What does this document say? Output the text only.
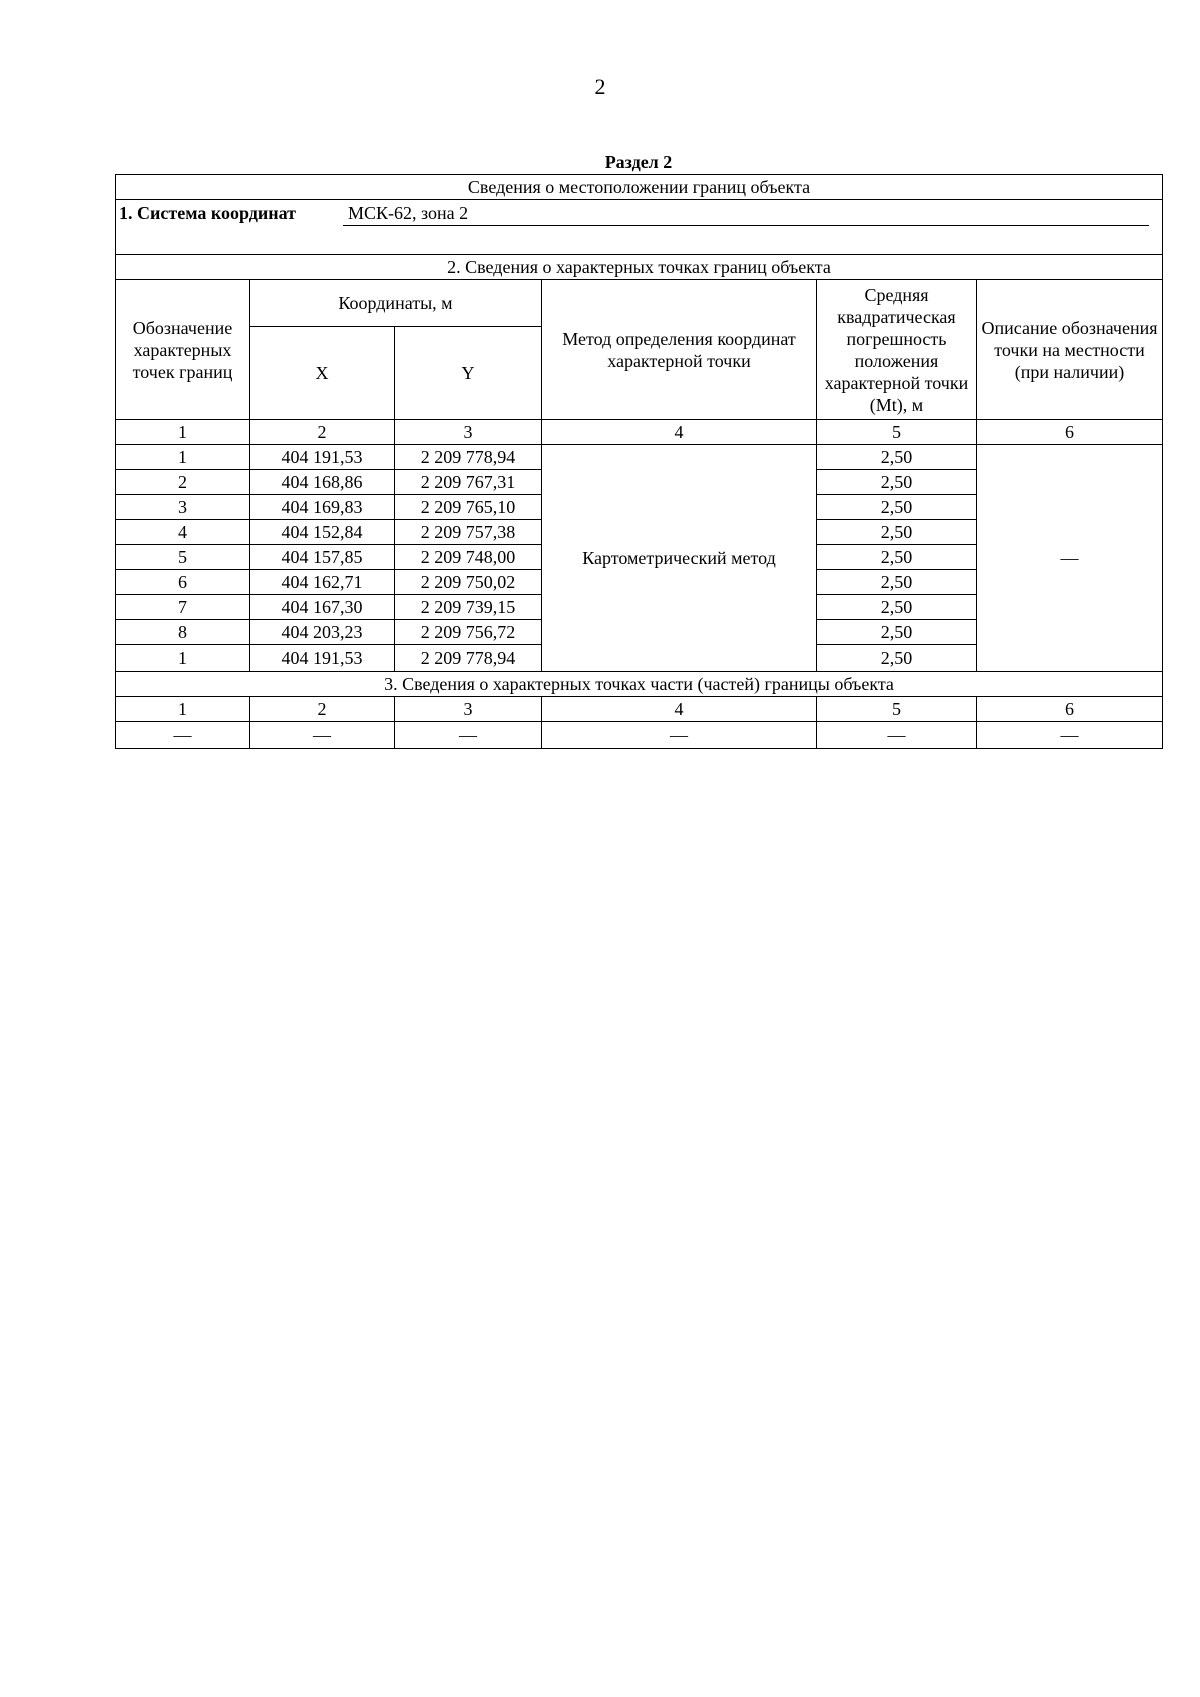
2
Раздел 2
Сведения о местоположении границ объекта					

1. Система координат МСК-62, зона 2					

2. Сведения о характерных точках границ объекта					
Обозначение характерных точек границ	Координаты, м		Метод определения координат характерной точки	Средняя квадратическая погрешность положения характерной точки (Mt), м	Описание обозначения точки на местности (при наличии)
	X	Y			
1	2	3	4	5	6
1	404 191,53	2 209 778,94	Картометрический метод	2,50	—
2	404 168,86	2 209 767,31		2,50	
3	404 169,83	2 209 765,10		2,50	
4	404 152,84	2 209 757,38		2,50	
5	404 157,85	2 209 748,00		2,50	
6	404 162,71	2 209 750,02		2,50	
7	404 167,30	2 209 739,15		2,50	
8	404 203,23	2 209 756,72		2,50	
1	404 191,53	2 209 778,94		2,50	
3. Сведения о характерных точках части (частей) границы объекта					
1	2	3	4	5	6
—	—	—	—	—	—
